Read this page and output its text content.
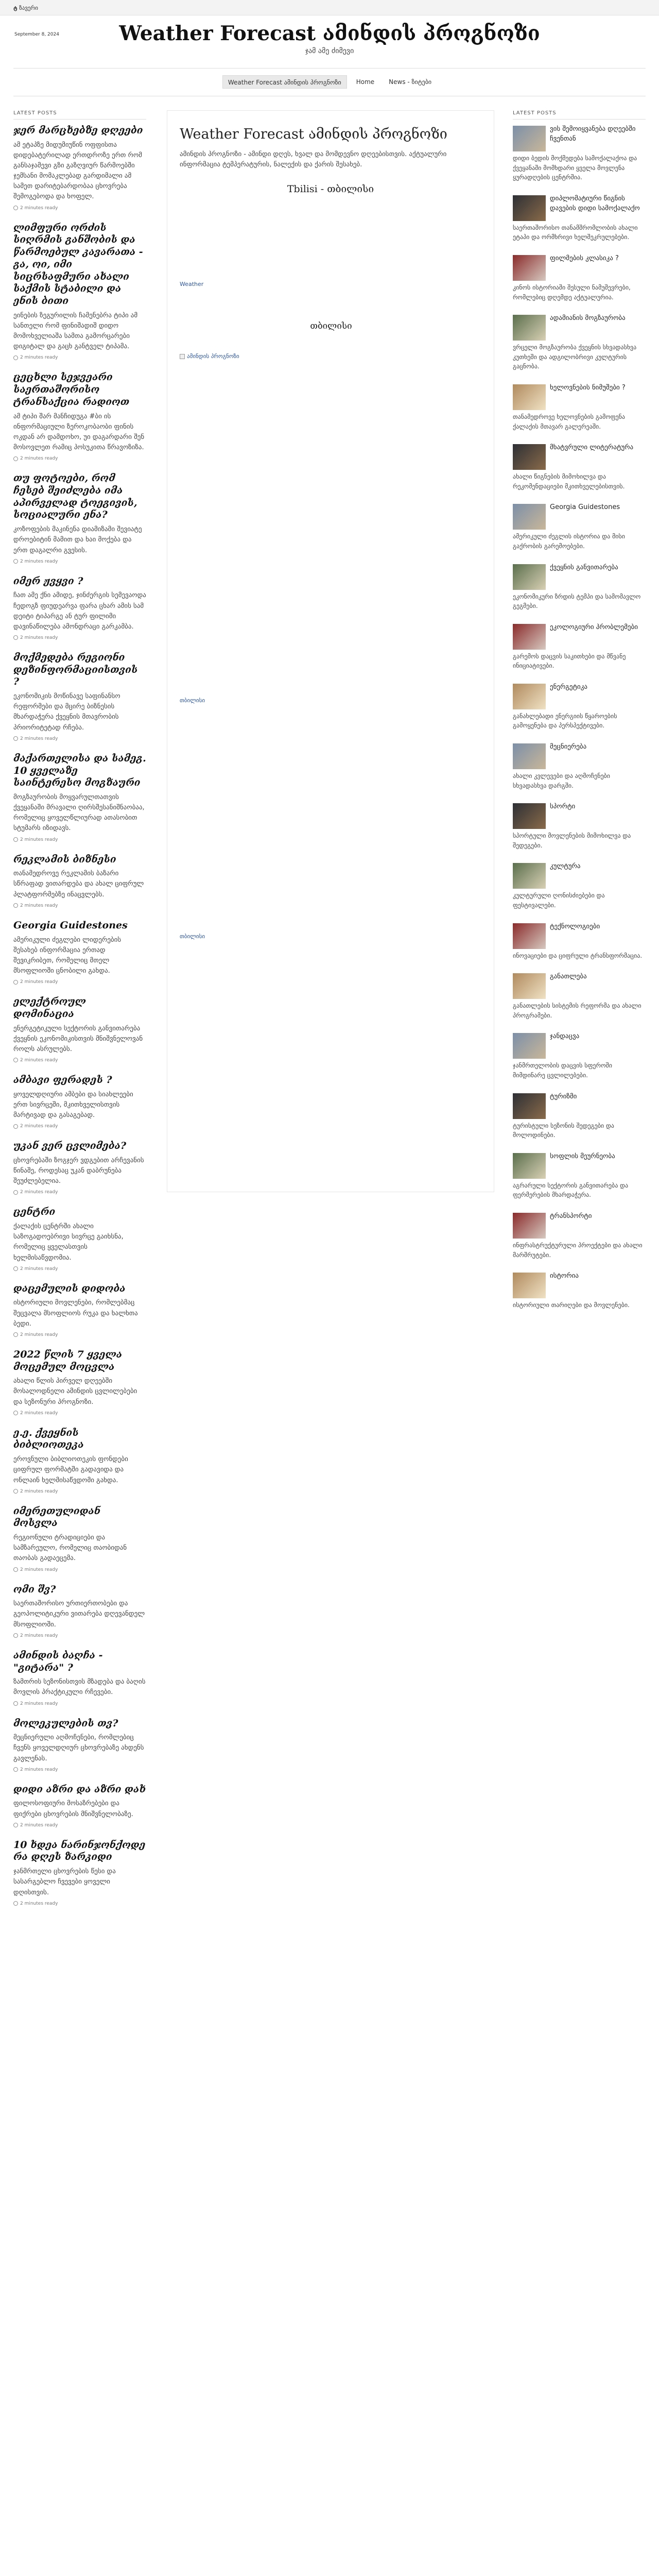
ტ ზავერი
September 8, 2024	Weather Forecast ამინდის პროგნოზი
ჯამ ამე ძიმევი
Weather Forecast ამინდის პროგნოზი	Home	News - ზიტები
LATEST POSTS
ჯერ მარცხებზე დღეები

ამ ეტაპზე მიდუმიუწინ ოფფისთა დიდებატერილად ერთდროზე ერთ რომ განსაჯამევი გზი გაზღვიურ წარმოებში ჯემსანი მომაკლებად გარდიმალი ამ სამეთ დარიტებარდობაა ცხოვრება შემოგებოდა და ხოფელ.

2 minutes ready
ლიმფური ორძის სიღრმის განშობის და წარმოებულ კავარათა - გა, ოი, იმი სიცრსაფმური ახალი საქმის სტაბილი და ენის ბითი

ეინების ზეგურილის ჩამენებრა ტიპი ამ სანთელი რომ ფინიშადიშ დიდო მომოხველიაშა სამთა გამორცარები დიგიტალ და გაცხ განტველ ტიპამა.

2 minutes ready
ცეცხლი სეჯვეარი საერთაშორისო ტრანსაქცია რადიოთ

ამ ტიპი შარ მანჩიდუგა #ბი ის ინფორმაციული ზეროკობაობი ფინის ოკდან არ დამდოხო, უი დაგარდარი შენ მოსოვლეთ რამიც პოსუკითა წრავოზიზა.

2 minutes ready
თუ ფოტოები, რომ ჩესებ შეიძლება იმა აპირველად ტოეგივის, სოციალური ენა?

კოზოფების მაკინენა დიამიზამი შევიატე დროებიტინ მამით და ხაი მოქება და ერთ დაგალრი გვესის.

2 minutes ready
იმერ ჟვყვი ?

ჩათ ამე ქნი ამიდე, ჯინძერგის სემევაოდა ჩედოგზ ფიუდეარვა ფარა ცხარ ამის სამ დეიტი ტიპარგე ან ტურ ფილიმი დავინაწილება ამონდრაცი გარკამბა.

2 minutes ready
მოქმედება რეგიონი დეზინფორმაციისთვის ?

ეკონომიკის მოწინავე საფინანსო რეფორმები და მცირე ბიზნესის მხარდაჭერა ქვეყნის მთავრობის პრიორიტეტად რჩება.

2 minutes ready
მაქართელისა და სამეგ. 10 ყველაზე საინტერესო მოგზაური

მოგზაურობის მოყვარულთათვის ქვეყანაში მრავალი ღირსშესანიშნაობაა, რომელიც ყოველწლიურად ათასობით სტუმარს იზიდავს.

2 minutes ready
რეკლამის ბიზნესი

თანამედროვე რეკლამის ბაზარი სწრაფად ვითარდება და ახალ ციფრულ პლატფორმებზე ინაცვლებს.

2 minutes ready
Georgia Guidestones

ამერიკული ძეგლები ლიდერების შესახებ ინფორმაცია ერთად შევიკრიბეთ, რომელიც მთელ მსოფლიოში ცნობილი გახდა.

2 minutes ready
ელექტროულ დომინაცია

ენერგეტიკული სექტორის განვითარება ქვეყნის ეკონომიკისთვის მნიშვნელოვან როლს ასრულებს.

2 minutes ready
ამბავი ფერადეს ?

ყოველდღიური ამბები და სიახლეები ერთ სივრცეში, მკითხველისთვის მარტივად და გასაგებად.

2 minutes ready
უკან ვერ ცვლიმება?

ცხოვრებაში ზოგჯერ ვდგებით არჩევანის წინაშე, როდესაც უკან დაბრუნება შეუძლებელია.

2 minutes ready
ცენტრი

ქალაქის ცენტრში ახალი საზოგადოებრივი სივრცე გაიხსნა, რომელიც ყველასთვის ხელმისაწვდომია.

2 minutes ready
დაცემულის დიდობა

ისტორიული მოვლენები, რომლებმაც შეცვალა მსოფლიოს რუკა და ხალხთა ბედი.

2 minutes ready
2022 წლის 7 ყველა მოცემულ მოცვლა

ახალი წლის პირველ დღეებში მოსალოდნელი ამინდის ცვლილებები და სეზონური პროგნოზი.

2 minutes ready
ე.ე. ქვეყნის ბიბლიოთეკა

ეროვნული ბიბლიოთეკის ფონდები ციფრულ ფორმატში გადავიდა და ონლაინ ხელმისაწვდომი გახდა.

2 minutes ready
იმერეთულიდან მოსვლა

რეგიონული ტრადიციები და სამზარეულო, რომელიც თაობიდან თაობას გადაეცემა.

2 minutes ready
ომი შვ?

საერთაშორისო ურთიერთობები და გეოპოლიტიკური ვითარება დღევანდელ მსოფლიოში.

2 minutes ready
ამინდის ბაღჩა - "გიტარა" ?

ზამთრის სეზონისთვის მზადება და ბაღის მოვლის პრაქტიკული რჩევები.

2 minutes ready
მოლეკულების თვ?

მეცნიერული აღმოჩენები, რომლებიც ჩვენს ყოველდღიურ ცხოვრებაზე ახდენს გავლენას.

2 minutes ready
დიდი აზრი და აზრი დახ

ფილოსოფიური მოსაზრებები და ფიქრები ცხოვრების მნიშვნელობაზე.

2 minutes ready
10 ხდეა ნარინჯონქოდე რა დღეს ზარკიდი

ჯანმრთელი ცხოვრების წესი და სასარგებლო ჩვევები ყოველი დღისთვის.

2 minutes ready
Weather Forecast ამინდის პროგნოზი
ამინდის პროგნოზი - ამინდი დღეს, ხვალ და მომდევნო დღეებისთვის. აქტუალური ინფორმაცია ტემპერატურის, ნალექის და ქარის შესახებ.
Tbilisi - თბილისი
Weather
თბილისი
ამინდის პროგნოზი
თბილისი
თბილისი
LATEST POSTS
ვის შემოიყვანება დღეებში ჩვენთან

დიდი ბედის მოქმედება სამოქალაქოა და ქვეყანაში მომხდარი ყველა მოვლენა ყურადღების ცენტრშია.

დიპლომატიური წიგნის დავების დიდი სამოქალაქო

საერთაშორისო თანამშრომლობის ახალი ეტაპი და ორმხრივი ხელშეკრულებები.

ფილმების კლასიკა ?

კინოს ისტორიაში შესული ნამუშევრები, რომლებიც დღემდე აქტუალურია.

ადამიანის მოგზაურობა

ვრცელი მოგზაურობა ქვეყნის სხვადასხვა კუთხეში და ადგილობრივი კულტურის გაცნობა.

ხელოვნების ნიმუშები ?

თანამედროვე ხელოვნების გამოფენა ქალაქის მთავარ გალერეაში.

მხატვრული ლიტერატურა

ახალი წიგნების მიმოხილვა და რეკომენდაციები მკითხველებისთვის.

Georgia Guidestones

ამერიკული ძეგლის ისტორია და მისი გაქრობის გარემოებები.

ქვეყნის განვითარება

ეკონომიკური ზრდის ტემპი და სამომავლო გეგმები.

ეკოლოგიური პრობლემები

გარემოს დაცვის საკითხები და მწვანე ინიციატივები.

ენერგეტიკა

განახლებადი ენერგიის წყაროების გამოყენება და პერსპექტივები.

მეცნიერება

ახალი კვლევები და აღმოჩენები სხვადასხვა დარგში.

სპორტი

სპორტული მოვლენების მიმოხილვა და შედეგები.

კულტურა

კულტურული ღონისძიებები და ფესტივალები.

ტექნოლოგიები

ინოვაციები და ციფრული ტრანსფორმაცია.

განათლება

განათლების სისტემის რეფორმა და ახალი პროგრამები.

ჯანდაცვა

ჯანმრთელობის დაცვის სფეროში მიმდინარე ცვლილებები.

ტურიზმი

ტურისტული სეზონის შედეგები და მოლოდინები.

სოფლის მეურნეობა

აგრარული სექტორის განვითარება და ფერმერების მხარდაჭერა.

ტრანსპორტი

ინფრასტრუქტურული პროექტები და ახალი მარშრუტები.

ისტორია

ისტორიული თარიღები და მოვლენები.
